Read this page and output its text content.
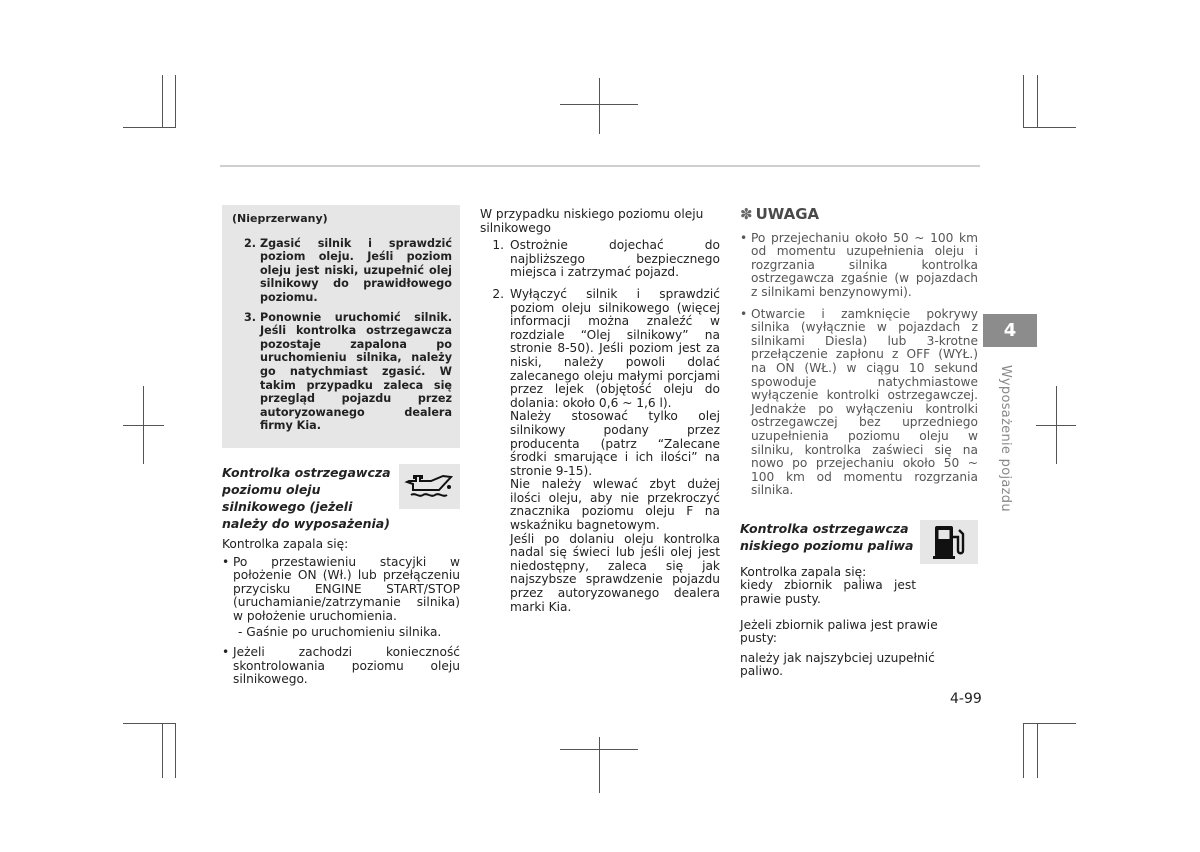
(Nieprzerwany)
2. Zgasić silnik i sprawdzić poziom oleju. Jeśli poziom oleju jest niski, uzupełnić olej silnikowy do prawidłowego poziomu.
3. Ponownie uruchomić silnik. Jeśli kontrolka ostrzegawcza pozostaje zapalona po uruchomieniu silnika, należy go natychmiast zgasić. W takim przypadku zaleca się przegląd pojazdu przez autoryzowanego dealera firmy Kia.
Kontrolka ostrzegawcza poziomu oleju silnikowego (jeżeli należy do wyposażenia)
Kontrolka zapala się:
• Po przestawieniu stacyjki w położenie ON (Wł.) lub przełączeniu przycisku ENGINE START/STOP (uruchamianie/zatrzymanie silnika) w położenie uruchomienia.
- Gaśnie po uruchomieniu silnika.
• Jeżeli zachodzi konieczność skontrolowania poziomu oleju silnikowego.
W przypadku niskiego poziomu oleju silnikowego
1. Ostrożnie dojechać do najbliższego bezpiecznego miejsca i zatrzymać pojazd.

2. Wyłączyć silnik i sprawdzić poziom oleju silnikowego (więcej informacji można znaleźć w rozdziale “Olej silnikowy” na stronie 8-50). Jeśli poziom jest za niski, należy powoli dolać zalecanego oleju małymi porcjami przez lejek (objętość oleju do dolania: około 0,6 ~ 1,6 l).

Należy stosować tylko olej silnikowy podany przez producenta (patrz “Zalecane środki smarujące i ich ilości” na stronie 9-15).

Nie należy wlewać zbyt dużej ilości oleju, aby nie przekroczyć znacznika poziomu oleju F na wskaźniku bagnetowym.

Jeśli po dolaniu oleju kontrolka nadal się świeci lub jeśli olej jest niedostępny, zaleca się jak najszybsze sprawdzenie pojazdu przez autoryzowanego dealera marki Kia.

✽ UWAGA
• Po przejechaniu około 50 ~ 100 km od momentu uzupełnienia oleju i rozgrzania silnika kontrolka ostrzegawcza zgaśnie (w pojazdach z silnikami benzynowymi).
• Otwarcie i zamknięcie pokrywy silnika (wyłącznie w pojazdach z silnikami Diesla) lub 3-krotne przełączenie zapłonu z OFF (WYŁ.) na ON (WŁ.) w ciągu 10 sekund spowoduje natychmiastowe wyłączenie kontrolki ostrzegawczej. Jednakże po wyłączeniu kontrolki ostrzegawczej bez uprzedniego uzupełnienia poziomu oleju w silniku, kontrolka zaświeci się na nowo po przejechaniu około 50 ~ 100 km od momentu rozgrzania silnika.
Kontrolka ostrzegawcza niskiego poziomu paliwa
Kontrolka zapala się:
kiedy zbiornik paliwa jest prawie pusty.
Jeżeli zbiornik paliwa jest prawie pusty:
należy jak najszybciej uzupełnić paliwo.
4
Wyposażenie pojazdu
4-99
